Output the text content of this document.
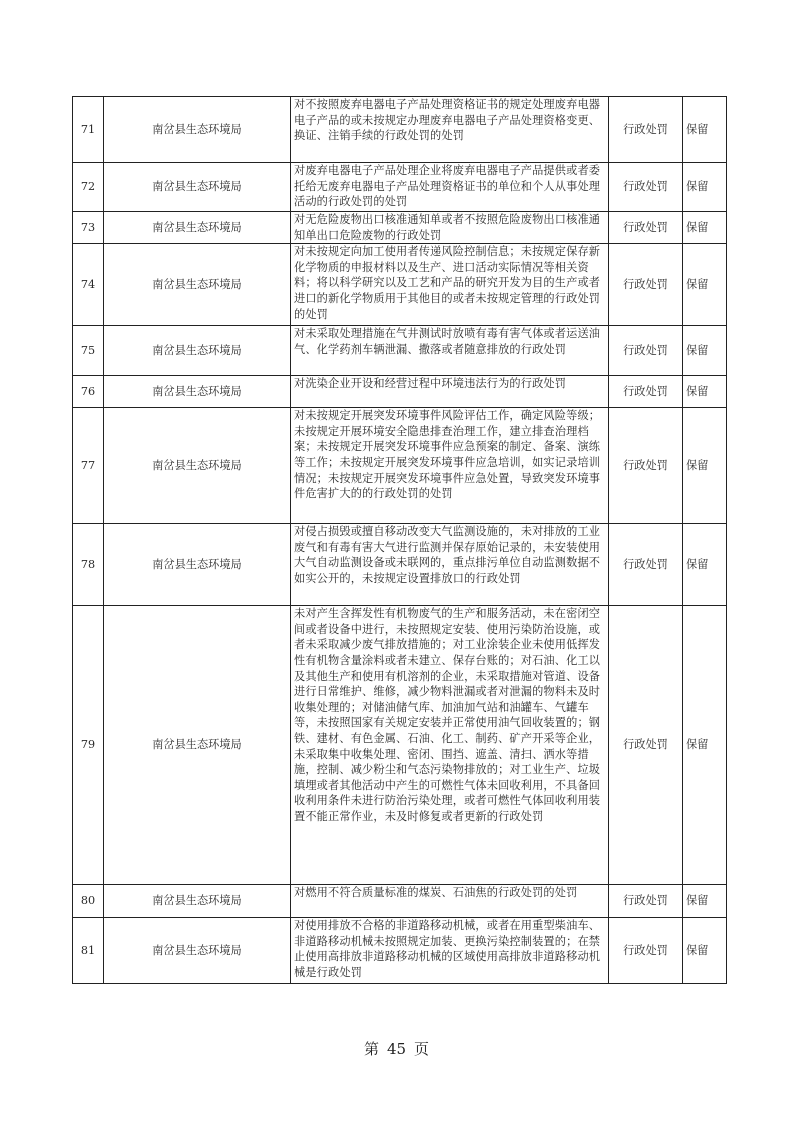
71	南岔县生态环境局	对不按照废弃电器电子产品处理资格证书的规定处理废弃电器电子产品的或未按规定办理废弃电器电子产品处理资格变更、换证、注销手续的行政处罚的处罚	行政处罚	保留
72	南岔县生态环境局	对废弃电器电子产品处理企业将废弃电器电子产品提供或者委托给无废弃电器电子产品处理资格证书的单位和个人从事处理活动的行政处罚的处罚	行政处罚	保留
73	南岔县生态环境局	对无危险废物出口核准通知单或者不按照危险废物出口核准通知单出口危险废物的行政处罚	行政处罚	保留
74	南岔县生态环境局	对未按规定向加工使用者传递风险控制信息；未按规定保存新化学物质的申报材料以及生产、进口活动实际情况等相关资料；将以科学研究以及工艺和产品的研究开发为目的生产或者进口的新化学物质用于其他目的或者未按规定管理的行政处罚的处罚	行政处罚	保留
75	南岔县生态环境局	对未采取处理措施在气井测试时放喷有毒有害气体或者运送油气、化学药剂车辆泄漏、撒落或者随意排放的行政处罚	行政处罚	保留
76	南岔县生态环境局	对洗染企业开设和经营过程中环境违法行为的行政处罚	行政处罚	保留
77	南岔县生态环境局	对未按规定开展突发环境事件风险评估工作，确定风险等级；未按规定开展环境安全隐患排查治理工作，建立排查治理档案；未按规定开展突发环境事件应急预案的制定、备案、演练等工作；未按规定开展突发环境事件应急培训，如实记录培训情况；未按规定开展突发环境事件应急处置，导致突发环境事件危害扩大的的行政处罚的处罚	行政处罚	保留
78	南岔县生态环境局	对侵占损毁或擅自移动改变大气监测设施的，未对排放的工业废气和有毒有害大气进行监测并保存原始记录的，未安装使用大气自动监测设备或未联网的，重点排污单位自动监测数据不如实公开的，未按规定设置排放口的行政处罚	行政处罚	保留
79	南岔县生态环境局	未对产生含挥发性有机物废气的生产和服务活动，未在密闭空间或者设备中进行，未按照规定安装、使用污染防治设施，或者未采取减少废气排放措施的；对工业涂装企业未使用低挥发性有机物含量涂料或者未建立、保存台账的；对石油、化工以及其他生产和使用有机溶剂的企业，未采取措施对管道、设备进行日常维护、维修，减少物料泄漏或者对泄漏的物料未及时收集处理的；对储油储气库、加油加气站和油罐车、气罐车等，未按照国家有关规定安装并正常使用油气回收装置的；钢铁、建材、有色金属、石油、化工、制药、矿产开采等企业，未采取集中收集处理、密闭、围挡、遮盖、清扫、洒水等措施，控制、减少粉尘和气态污染物排放的；对工业生产、垃圾填埋或者其他活动中产生的可燃性气体未回收利用，不具备回收利用条件未进行防治污染处理，或者可燃性气体回收利用装置不能正常作业，未及时修复或者更新的行政处罚	行政处罚	保留
80	南岔县生态环境局	对燃用不符合质量标准的煤炭、石油焦的行政处罚的处罚	行政处罚	保留
81	南岔县生态环境局	对使用排放不合格的非道路移动机械，或者在用重型柴油车、非道路移动机械未按照规定加装、更换污染控制装置的；在禁止使用高排放非道路移动机械的区域使用高排放非道路移动机械是行政处罚	行政处罚	保留
第 45 页
